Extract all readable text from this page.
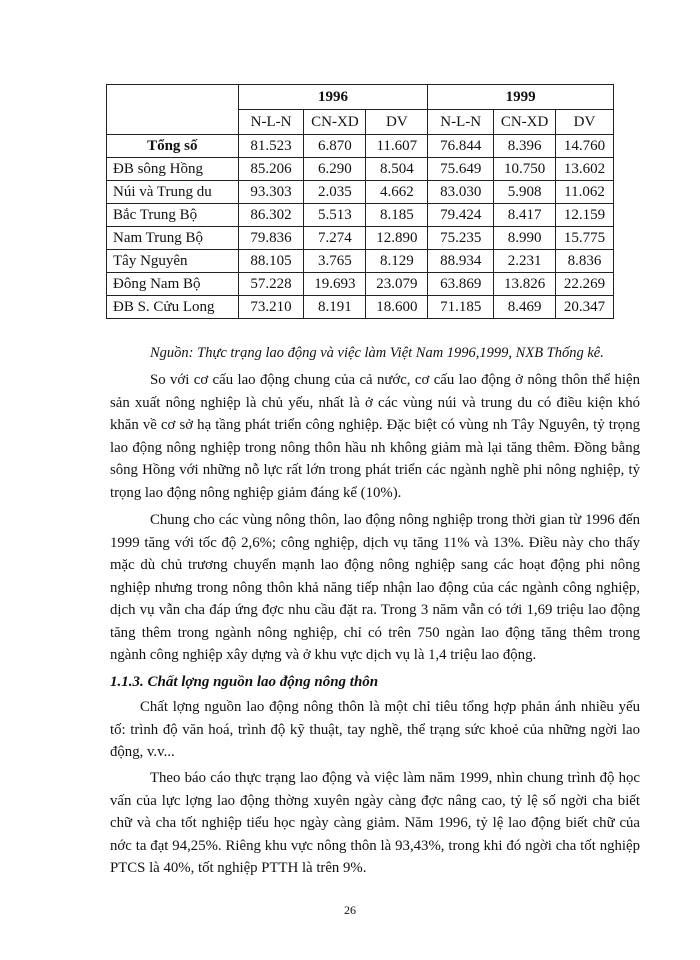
	1996			1999		
	N-L-N	CN-XD	DV	N-L-N	CN-XD	DV
Tổng số	81.523	6.870	11.607	76.844	8.396	14.760
ĐB sông Hồng	85.206	6.290	8.504	75.649	10.750	13.602
Núi và Trung du	93.303	2.035	4.662	83.030	5.908	11.062
Bắc Trung Bộ	86.302	5.513	8.185	79.424	8.417	12.159
Nam Trung Bộ	79.836	7.274	12.890	75.235	8.990	15.775
Tây Nguyên	88.105	3.765	8.129	88.934	2.231	8.836
Đông Nam Bộ	57.228	19.693	23.079	63.869	13.826	22.269
ĐB S. Cửu Long	73.210	8.191	18.600	71.185	8.469	20.347
Nguồn: Thực trạng lao động và việc làm Việt Nam 1996,1999, NXB Thống kê.

So với cơ cấu lao động chung của cả nước, cơ cấu lao động ở nông thôn thể hiện sản xuất nông nghiệp là chủ yếu, nhất là ở các vùng núi và trung du có điều kiện khó khăn về cơ sở hạ tầng phát triển công nghiệp. Đặc biệt có vùng nh Tây Nguyên, tỷ trọng lao động nông nghiệp trong nông thôn hầu nh không giảm mà lại tăng thêm. Đồng bằng sông Hồng với những nỗ lực rất lớn trong phát triển các ngành nghề phi nông nghiệp, tỷ trọng lao động nông nghiệp giảm đáng kể (10%).

Chung cho các vùng nông thôn, lao động nông nghiệp trong thời gian từ 1996 đến 1999 tăng với tốc độ 2,6%; công nghiệp, dịch vụ tăng 11% và 13%. Điều này cho thấy mặc dù chủ trương chuyển mạnh lao động nông nghiệp sang các hoạt động phi nông nghiệp nhưng trong nông thôn khả năng tiếp nhận lao động của các ngành công nghiệp, dịch vụ vẫn cha đáp ứng đợc nhu cầu đặt ra. Trong 3 năm vẫn có tới 1,69 triệu lao động tăng thêm trong ngành nông nghiệp, chỉ có trên 750 ngàn lao động tăng thêm trong ngành công nghiệp xây dựng và ở khu vực dịch vụ là 1,4 triệu lao động.

1.1.3. Chất lợng nguồn lao động nông thôn

Chất lợng nguồn lao động nông thôn là một chỉ tiêu tổng hợp phản ánh nhiều yếu tố: trình độ văn hoá, trình độ kỹ thuật, tay nghề, thể trạng sức khoẻ của những ngời lao động, v.v...

Theo báo cáo thực trạng lao động và việc làm năm 1999, nhìn chung trình độ học vấn của lực lợng lao động thờng xuyên ngày càng đợc nâng cao, tỷ lệ số ngời cha biết chữ và cha tốt nghiệp tiểu học ngày càng giảm. Năm 1996, tỷ lệ lao động biết chữ của nớc ta đạt 94,25%. Riêng khu vực nông thôn là 93,43%, trong khi đó ngời cha tốt nghiệp PTCS là 40%, tốt nghiệp PTTH là trên 9%.

26
